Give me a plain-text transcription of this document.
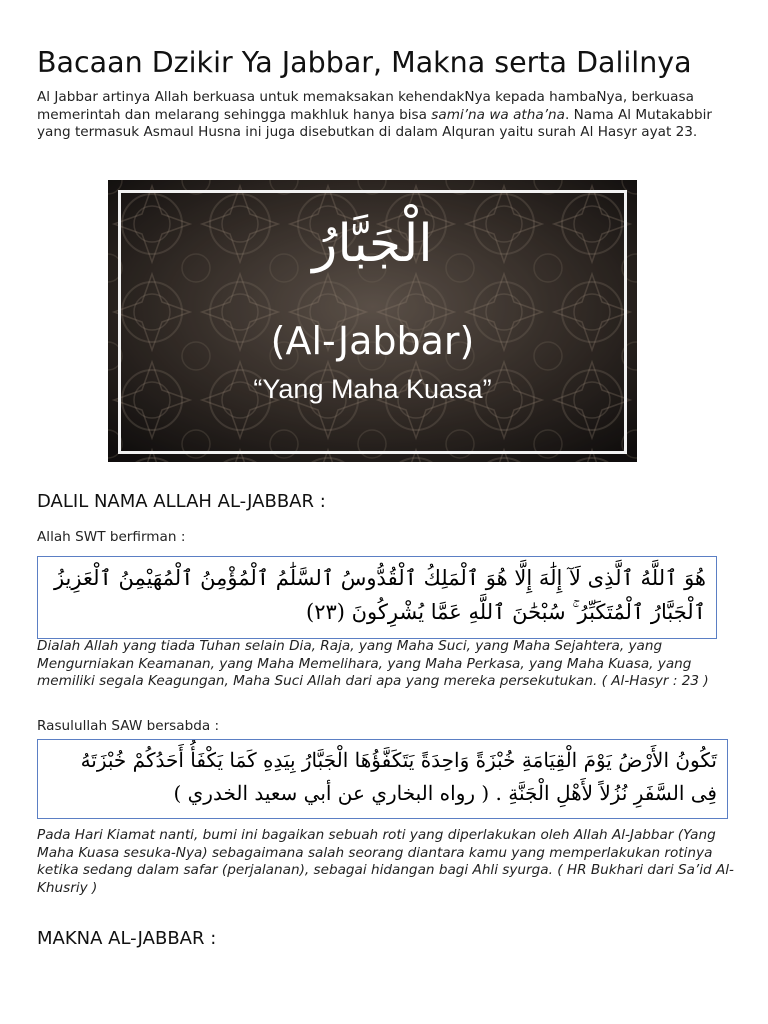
Bacaan Dzikir Ya Jabbar, Makna serta Dalilnya

Al Jabbar artinya Allah berkuasa untuk memaksakan kehendakNya kepada hambaNya, berkuasa memerintah dan melarang sehingga makhluk hanya bisa sami’na wa atha’na. Nama Al Mutakabbir yang termasuk Asmaul Husna ini juga disebutkan di dalam Alquran yaitu surah Al Hasyr ayat 23.

الْجَبَّارُ
(Al-Jabbar)
“Yang Maha Kuasa”
DALIL NAMA ALLAH AL-JABBAR :

Allah SWT berfirman :

هُوَ ٱللَّهُ ٱلَّذِى لَآ إِلَٰهَ إِلَّا هُوَ ٱلْمَلِكُ ٱلْقُدُّوسُ ٱلسَّلَٰمُ ٱلْمُؤْمِنُ ٱلْمُهَيْمِنُ ٱلْعَزِيزُ ٱلْجَبَّارُ ٱلْمُتَكَبِّرُ ۚ سُبْحَٰنَ ٱللَّهِ عَمَّا يُشْرِكُونَ (٢٣)

Dialah Allah yang tiada Tuhan selain Dia, Raja, yang Maha Suci, yang Maha Sejahtera, yang Mengurniakan Keamanan, yang Maha Memelihara, yang Maha Perkasa, yang Maha Kuasa, yang memiliki segala Keagungan, Maha Suci Allah dari apa yang mereka persekutukan. ( Al-Hasyr : 23 )

Rasulullah SAW bersabda :

تَكُونُ الأَرْضُ يَوْمَ الْقِيَامَةِ خُبْزَةً وَاحِدَةً يَتَكَفَّؤُهَا الْجَبَّارُ بِيَدِهِ كَمَا يَكْفَأُ أَحَدُكُمْ خُبْزَتَهُ فِى السَّفَرِ نُزُلاً لأَهْلِ الْجَنَّةِ . ( رواه البخاري عن أبي سعيد الخدري )

Pada Hari Kiamat nanti, bumi ini bagaikan sebuah roti yang diperlakukan oleh Allah Al-Jabbar (Yang Maha Kuasa sesuka-Nya) sebagaimana salah seorang diantara kamu yang memperlakukan rotinya ketika sedang dalam safar (perjalanan), sebagai hidangan bagi Ahli syurga. ( HR Bukhari dari Sa’id Al-Khusriy )

MAKNA AL-JABBAR :
